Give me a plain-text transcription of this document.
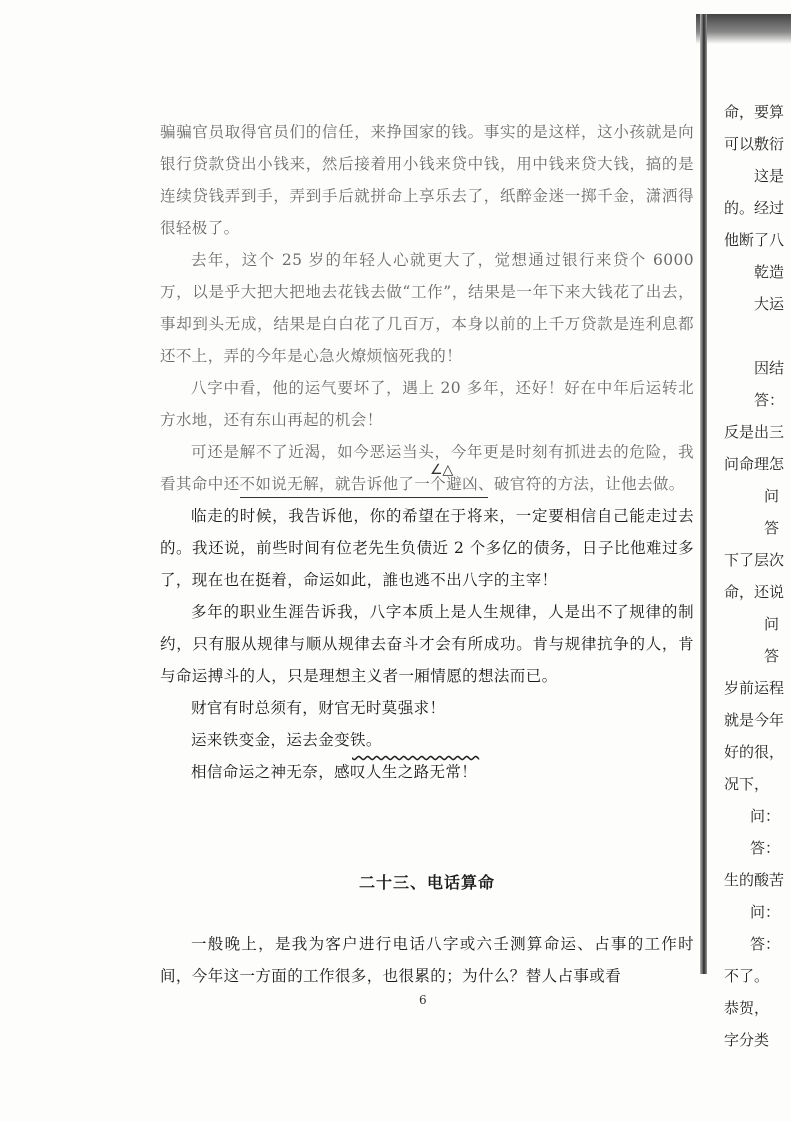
骗骗官员取得官员们的信任，来挣国家的钱。事实的是这样，这小孩就是向银行贷款贷出小钱来，然后接着用小钱来贷中钱，用中钱来贷大钱，搞的是连续贷钱弄到手，弄到手后就拼命上享乐去了，纸醉金迷一掷千金，潇洒得很轻极了。

去年，这个 25 岁的年轻人心就更大了，觉想通过银行来贷个 6000 万，以是乎大把大把地去花钱去做“工作”，结果是一年下来大钱花了出去，事却到头无成，结果是白白花了几百万，本身以前的上千万贷款是连利息都还不上，弄的今年是心急火燎烦恼死我的！

八字中看，他的运气要坏了，遇上 20 多年，还好！好在中年后运转北方水地，还有东山再起的机会！

可还是解不了近渴，如今恶运当头，今年更是时刻有抓进去的危险，我看其命中还不如说无解，就告诉他了一个避凶、破官符的方法，让他去做。

临走的时候，我告诉他，你的希望在于将来，一定要相信自己能走过去的。我还说，前些时间有位老先生负债近 2 个多亿的债务，日子比他难过多了，现在也在挺着，命运如此，誰也逃不出八字的主宰！

多年的职业生涯告诉我，八字本质上是人生规律，人是出不了规律的制约，只有服从规律与顺从规律去奋斗才会有所成功。肯与规律抗争的人，肯与命运搏斗的人，只是理想主义者一厢情愿的想法而已。

财官有时总须有，财官无时莫强求！

运来铁变金，运去金变铁。

相信命运之神无奈，感叹人生之路无常！

∠△
二十三、电话算命

一般晚上，是我为客户进行电话八字或六壬测算命运、占事的工作时间，今年这一方面的工作很多，也很累的；为什么？替人占事或看

6
命，要算
可以敷衍
这是
的。经过
他断了八
乾造
大运
因结
答：
反是出三
问命理怎
问
答
下了层次
命，还说
问
答
岁前运程
就是今年
好的很，
况下，
问：
答：
生的酸苦
问：
答：
不了。
恭贺，
字分类
